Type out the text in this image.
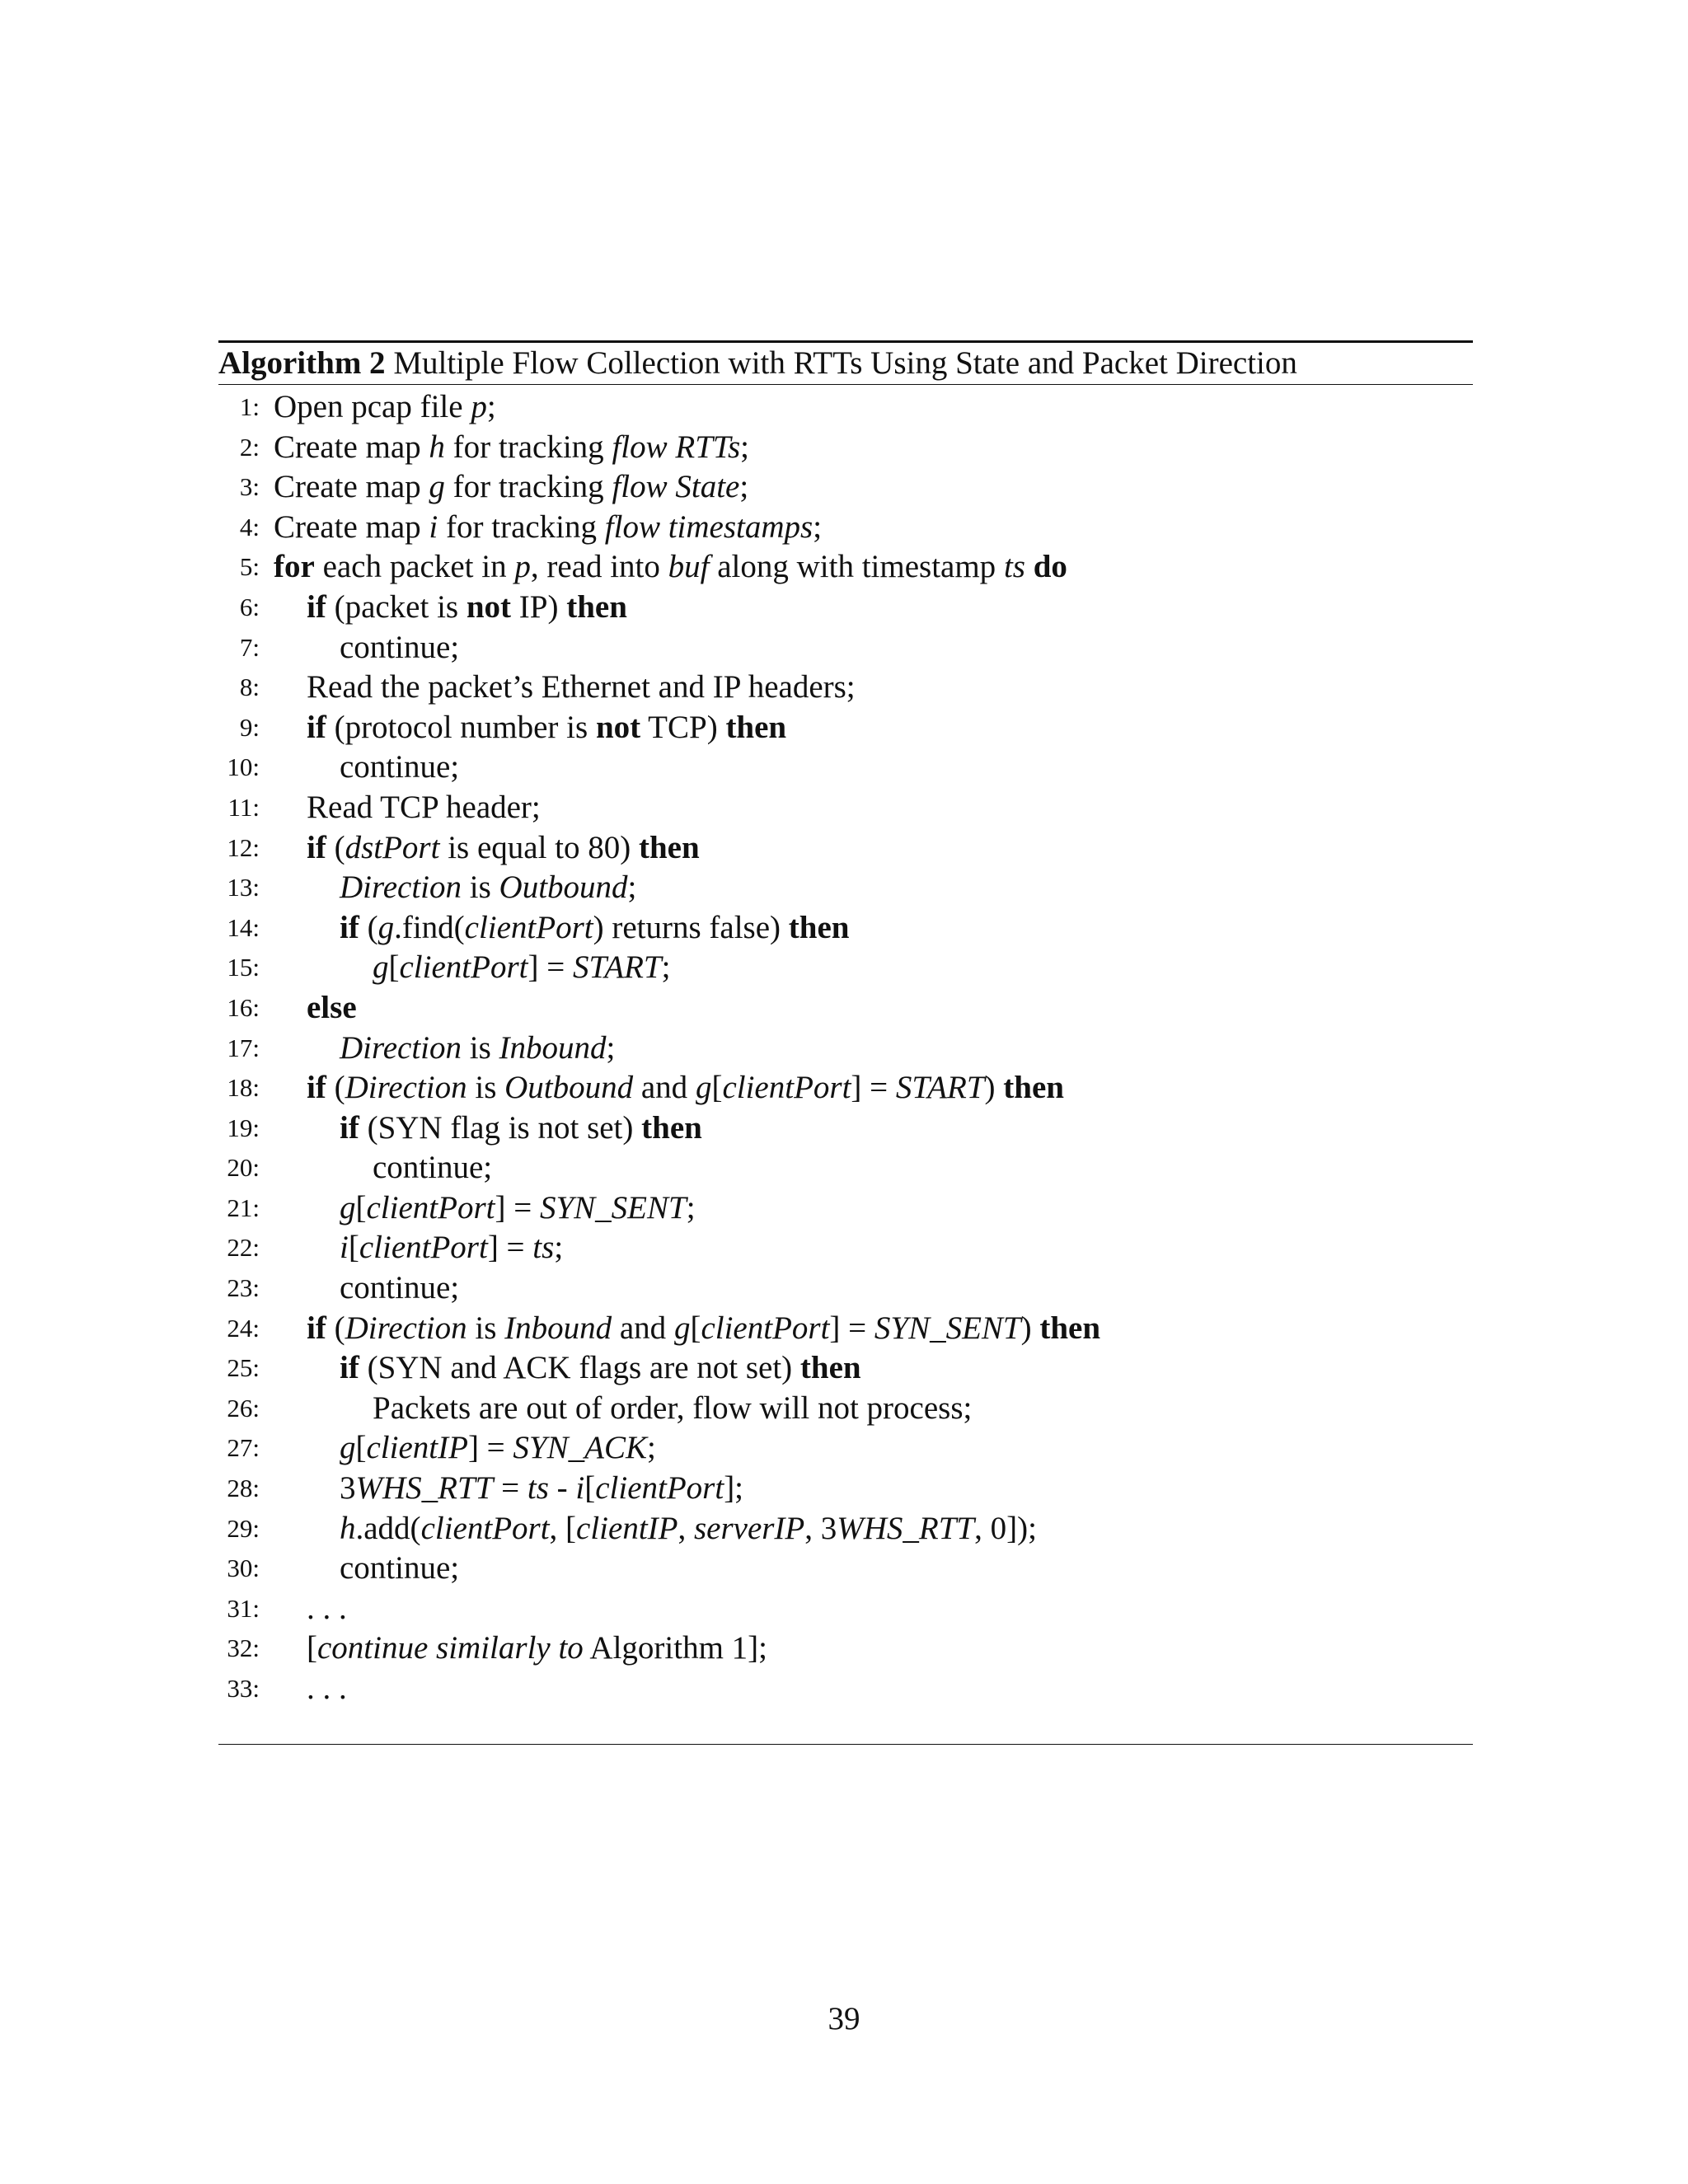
Algorithm 2 Multiple Flow Collection with RTTs Using State and Packet Direction
1: Open pcap file p;
2: Create map h for tracking flow RTTs;
3: Create map g for tracking flow State;
4: Create map i for tracking flow timestamps;
5: for each packet in p, read into buf along with timestamp ts do
6: if (packet is not IP) then
7: continue;
8: Read the packet’s Ethernet and IP headers;
9: if (protocol number is not TCP) then
10: continue;
11: Read TCP header;
12: if (dstPort is equal to 80) then
13: Direction is Outbound;
14: if (g.find(clientPort) returns false) then
15:	g[clientPort] = START;
16: else
17: Direction is Inbound;
18: if (Direction is Outbound and g[clientPort] = START) then
19: if (SYN flag is not set) then
20:	continue;
21: g[clientPort] = SYN_SENT;
22: i[clientPort] = ts;
23: continue;
24: if (Direction is Inbound and g[clientPort] = SYN_SENT) then
25: if (SYN and ACK flags are not set) then
26:	Packets are out of order, flow will not process;
27: g[clientIP] = SYN_ACK;
28: 3WHS_RTT = ts - i[clientPort];
29: h.add(clientPort, [clientIP, serverIP, 3WHS_RTT, 0]);
30: continue;
31: . . .
32: [continue similarly to Algorithm 1];
33: . . .
39
